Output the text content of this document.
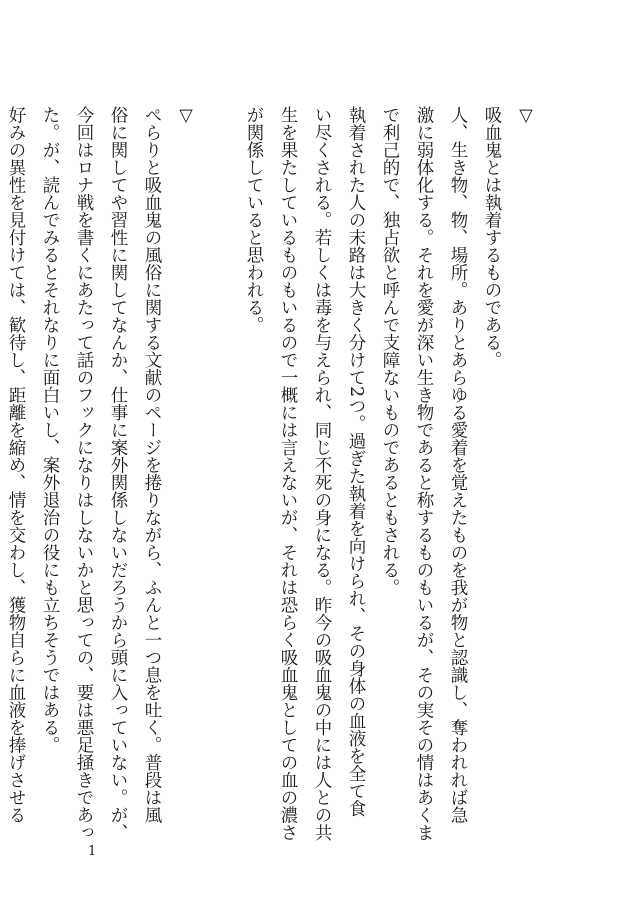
▽
吸血鬼とは執着するものである。
人、生き物、物、場所。ありとあらゆる愛着を覚えたものを我が物と認識し、奪われれば急
激に弱体化する。それを愛が深い生き物であると称するものもいるが、その実その情はあくま
で利己的で、独占欲と呼んで支障ないものであるともされる。
執着された人の末路は大きく分けて2つ。過ぎた執着を向けられ、その身体の血液を全て食
い尽くされる。若しくは毒を与えられ、同じ不死の身になる。昨今の吸血鬼の中には人との共
生を果たしているものもいるので一概には言えないが、それは恐らく吸血鬼としての血の濃さ
が関係していると思われる。
▽
ぺらりと吸血鬼の風俗に関する文献のページを捲りながら、ふんと一つ息を吐く。普段は風
俗に関してや習性に関してなんか、仕事に案外関係しないだろうから頭に入っていない。が、
今回はロナ戦を書くにあたって話のフックになりはしないかと思っての、要は悪足掻きであっ
た。が、読んでみるとそれなりに面白いし、案外退治の役にも立ちそうではある。
好みの異性を見付けては、歓待し、距離を縮め、情を交わし、獲物自らに血液を捧げさせる
1
